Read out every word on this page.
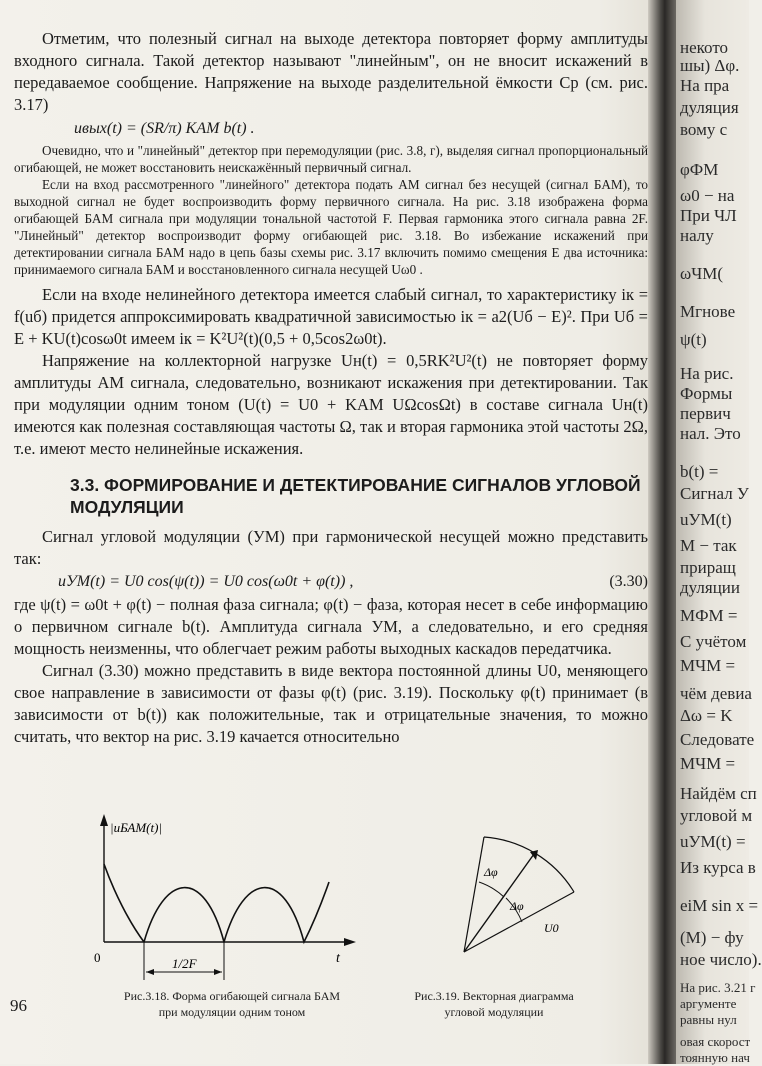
некото
шы) Δφ.
На пра
дуляция
вому с
φФМ
ω0 − на
При ЧЛ
налу
ωЧМ(
Мгнове
ψ(t)
На рис.
Формы
первич
нал. Это
b(t) =
Сигнал У
uУМ(t)
M − так
приращ
дуляции
MФМ =
С учётом
MЧМ =
чём девиа
Δω = K
Следовате
MЧМ =
Найдём сп
угловой м
uУМ(t) =
Из курса в
eiM sin x =
(M) − фу
ное число).
На рис. 3.21 г
аргументе
равны нул
овая скорост
тоянную нач

Отметим, что полезный сигнал на выходе детектора повторяет форму амплитуды входного сигнала. Такой детектор называют "линейным", он не вносит искажений в передаваемое сообщение. Напряжение на выходе разделительной ёмкости Cр (см. рис. 3.17)

uвых(t) = (SR/π) KАМ b(t) .

Очевидно, что и "линейный" детектор при перемодуляции (рис. 3.8, г), выделяя сигнал пропорциональный огибающей, не может восстановить неискажённый первичный сигнал.

Если на вход рассмотренного "линейного" детектора подать АМ сигнал без несущей (сигнал БАМ), то выходной сигнал не будет воспроизводить форму первичного сигнала. На рис. 3.18 изображена форма огибающей БАМ сигнала при модуляции тональной частотой F. Первая гармоника этого сигнала равна 2F. "Линейный" детектор воспроизводит форму огибающей рис. 3.18. Во избежание искажений при детектировании сигнала БАМ надо в цепь базы схемы рис. 3.17 включить помимо смещения E два источника: принимаемого сигнала БАМ и восстановленного сигнала несущей Uω0 .

Если на входе нелинейного детектора имеется слабый сигнал, то характеристику iк = f(uб) придется аппроксимировать квадратичной зависимостью iк = a2(Uб − E)². При Uб = E + KU(t)cosω0t имеем iк = K²U²(t)(0,5 + 0,5cos2ω0t).

Напряжение на коллекторной нагрузке Uн(t) = 0,5RK²U²(t) не повторяет форму амплитуды АМ сигнала, следовательно, возникают искажения при детектировании. Так при модуляции одним тоном (U(t) = U0 + KАМ UΩcosΩt) в составе сигнала Uн(t) имеются как полезная составляющая частоты Ω, так и вторая гармоника этой частоты 2Ω, т.е. имеют место нелинейные искажения.

3.3. ФОРМИРОВАНИЕ И ДЕТЕКТИРОВАНИЕ СИГНАЛОВ УГЛОВОЙ МОДУЛЯЦИИ

Сигнал угловой модуляции (УМ) при гармонической несущей можно представить так:

uУМ(t) = U0 cos(ψ(t)) = U0 cos(ω0t + φ(t)) ,	(3.30)

где ψ(t) = ω0t + φ(t) − полная фаза сигнала; φ(t) − фаза, которая несет в себе информацию о первичном сигнале b(t). Амплитуда сигнала УМ, а следовательно, и его средняя мощность неизменны, что облегчает режим работы выходных каскадов передатчика.

Сигнал (3.30) можно представить в виде вектора постоянной длины U0, меняющего свое направление в зависимости от фазы φ(t) (рис. 3.19). Поскольку φ(t) принимает (в зависимости от b(t)) как положительные, так и отрицательные значения, то можно считать, что вектор на рис. 3.19 качается относительно

|uБАМ(t)|
0	t
1/2F
Рис.3.18. Форма огибающей сигнала БАМ
при модуляции одним тоном
Δφ
Δφ
U0
Рис.3.19. Векторная диаграмма
угловой модуляции
96
